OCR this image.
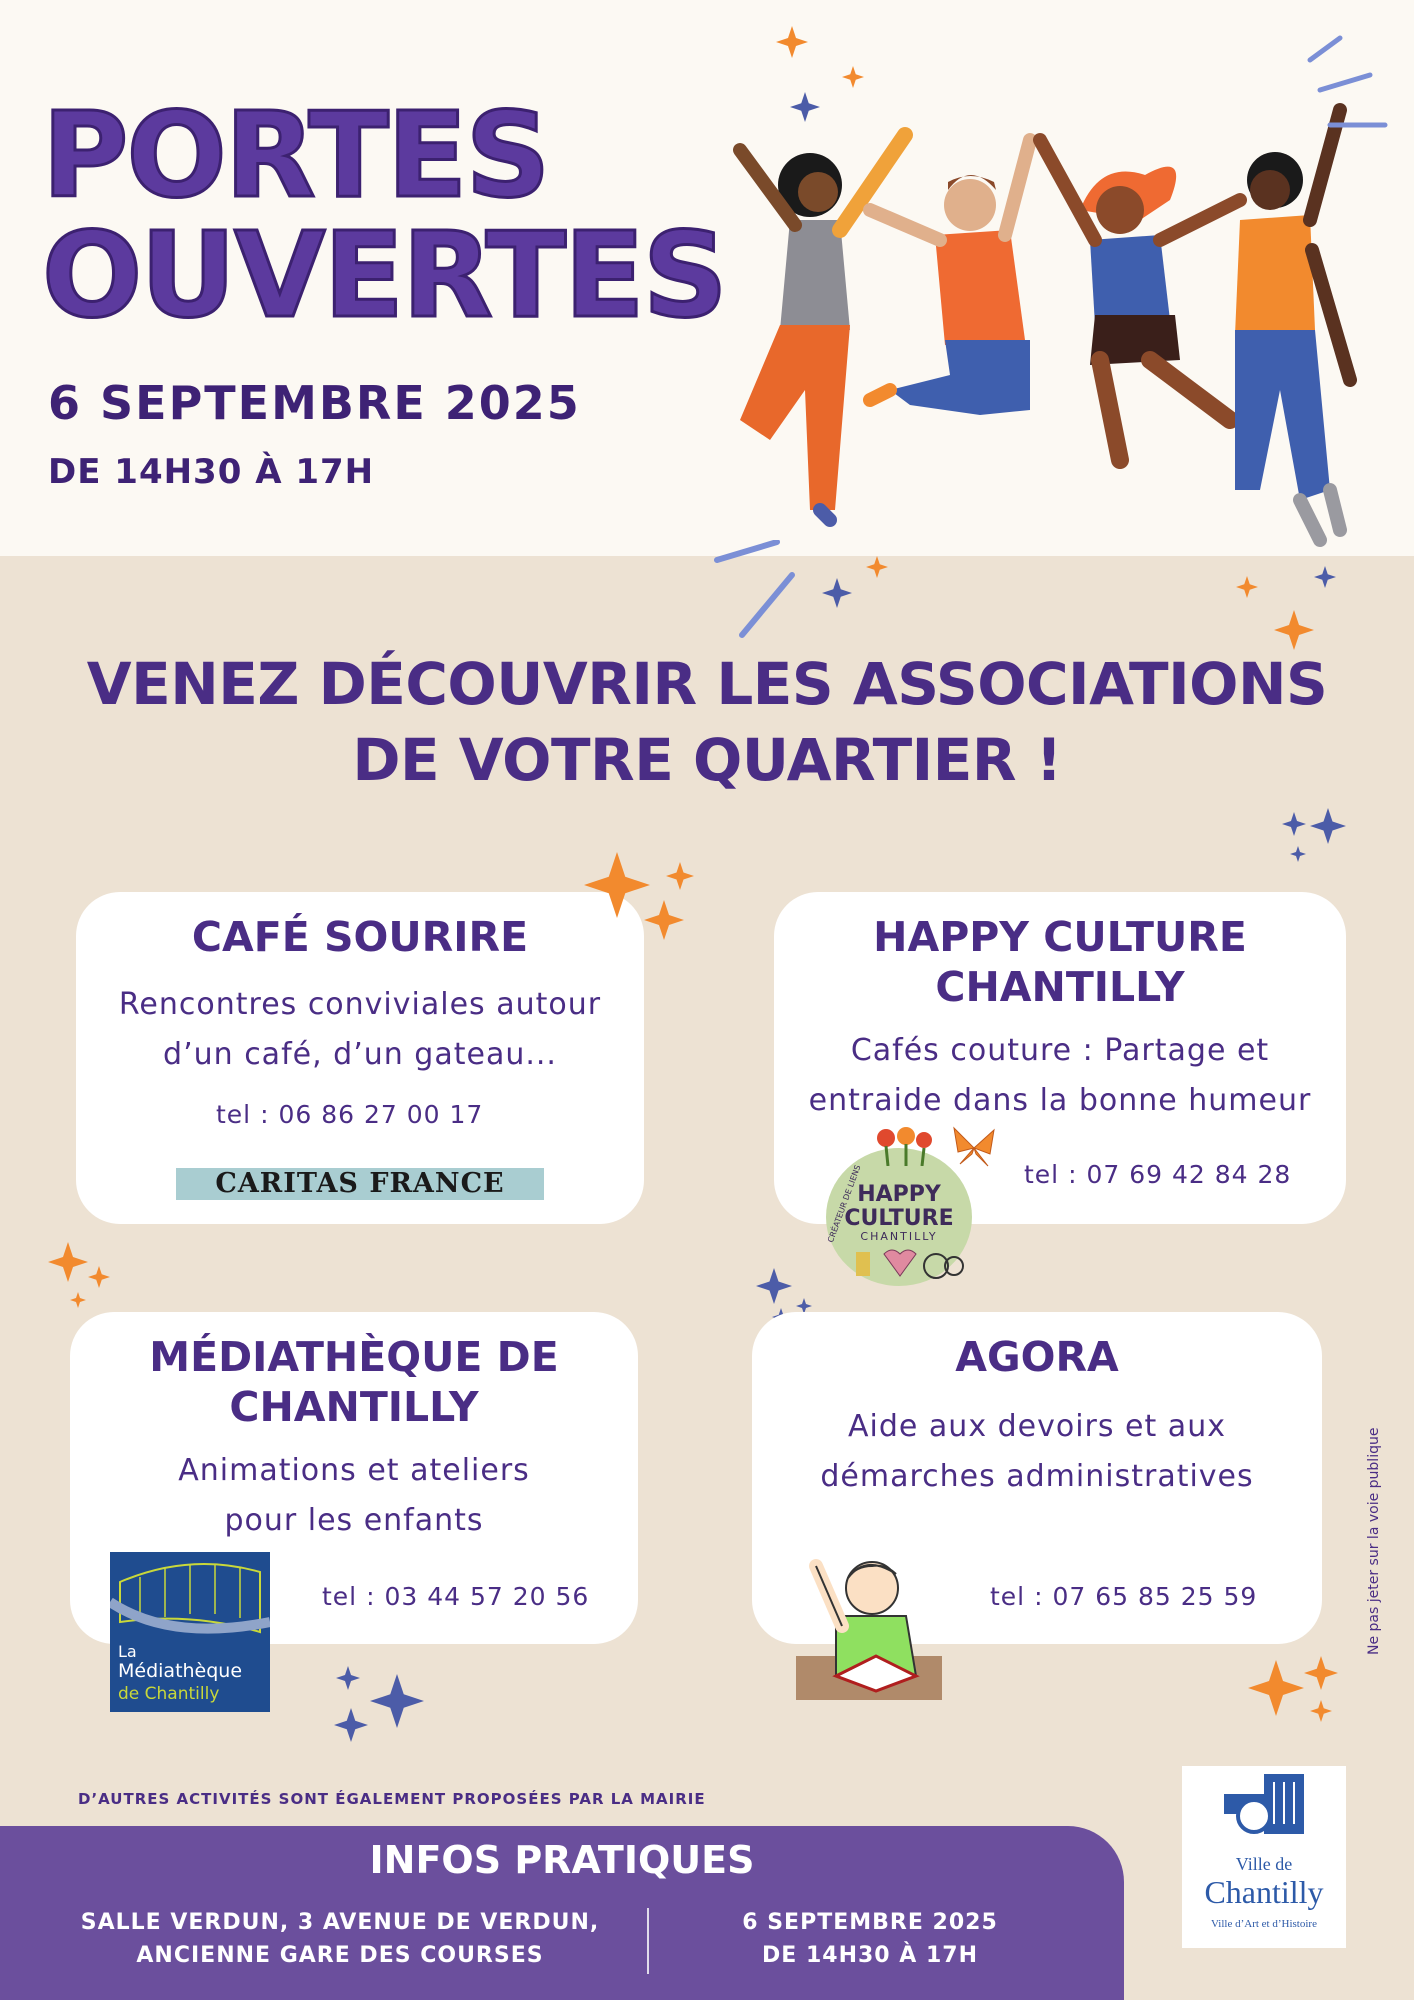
PORTES
OUVERTES
6 SEPTEMBRE 2025
DE 14H30 À 17H
VENEZ DÉCOUVRIR LES ASSOCIATIONS
DE VOTRE QUARTIER !
CAFÉ SOURIRE
Rencontres conviviales autour
d’un café, d’un gateau...
tel : 06 86 27 00 17
CARITAS FRANCE
HAPPY CULTURE
CHANTILLY
Cafés couture : Partage et
entraide dans la bonne humeur
tel : 07 69 42 84 28
HAPPY
CULTURE
CHANTILLY
CRÉATEUR DE LIENS
MÉDIATHÈQUE DE
CHANTILLY
Animations et ateliers
pour les enfants
tel : 03 44 57 20 56
La
Médiathèque
de Chantilly
AGORA
Aide aux devoirs et aux
démarches administratives
tel : 07 65 85 25 59	Ne pas jeter sur la voie publique
D’AUTRES ACTIVITÉS SONT ÉGALEMENT PROPOSÉES PAR LA MAIRIE
INFOS PRATIQUES
SALLE VERDUN, 3 AVENUE DE VERDUN,
ANCIENNE GARE DES COURSES
6 SEPTEMBRE 2025
DE 14H30 À 17H
Ville de
Chantilly
Ville d’Art et d’Histoire
